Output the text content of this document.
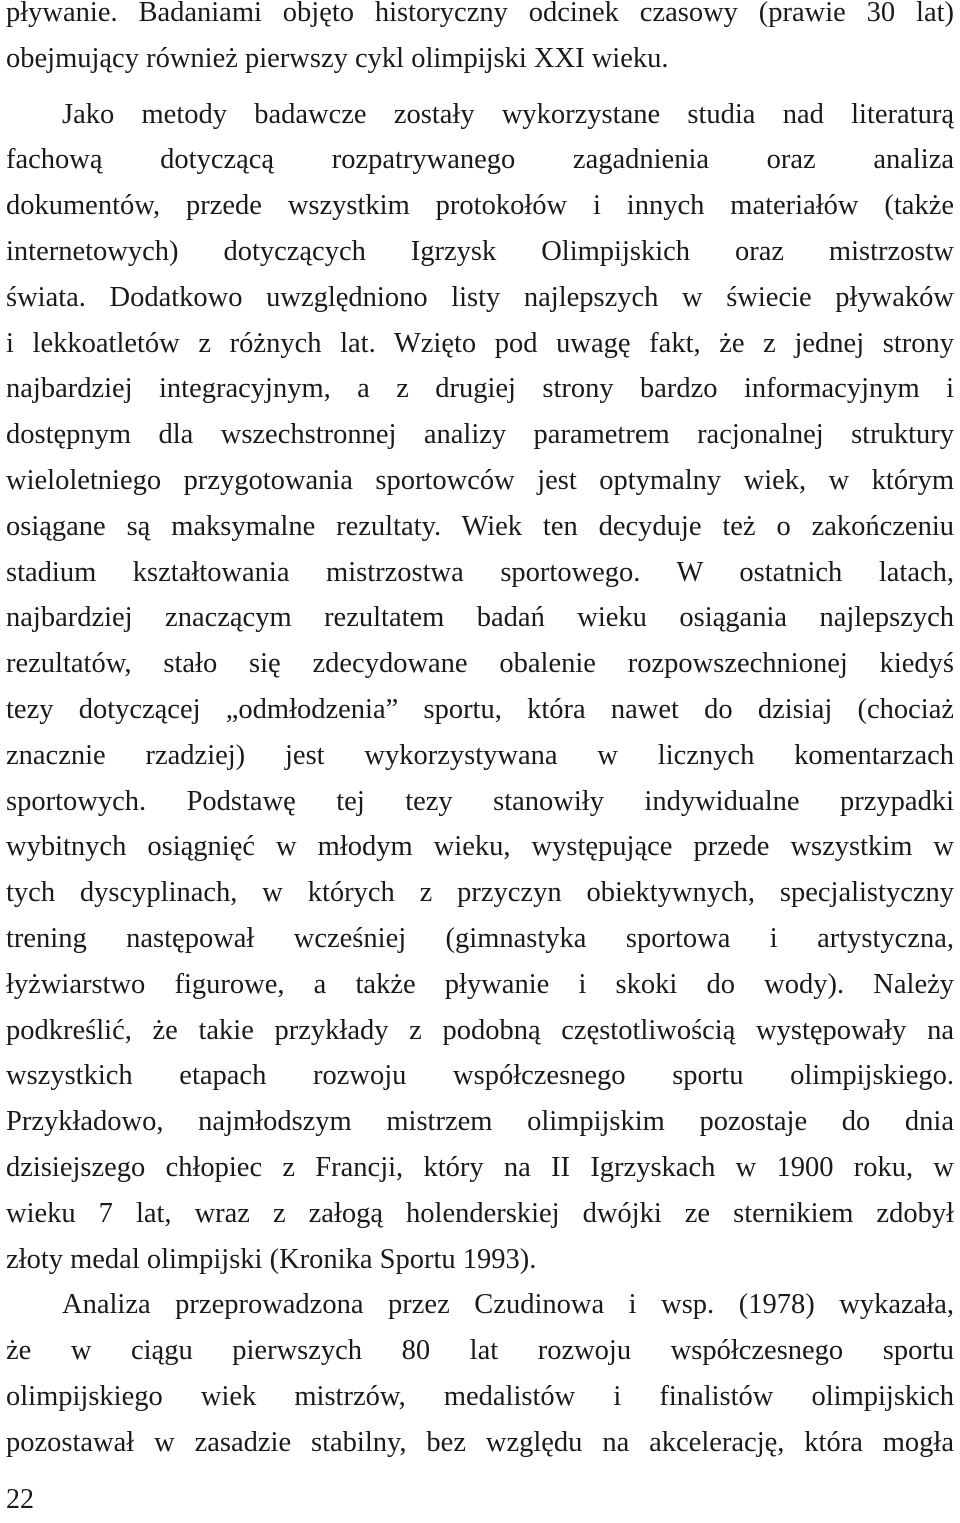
pływanie. Badaniami objęto historyczny odcinek czasowy (prawie 30 lat)
obejmujący również pierwszy cykl olimpijski XXI wieku.
Jako metody badawcze zostały wykorzystane studia nad literaturą
fachową dotyczącą rozpatrywanego zagadnienia oraz analiza
dokumentów, przede wszystkim protokołów i innych materiałów (także
internetowych) dotyczących Igrzysk Olimpijskich oraz mistrzostw
świata. Dodatkowo uwzględniono listy najlepszych w świecie pływaków
i lekkoatletów z różnych lat. Wzięto pod uwagę fakt, że z jednej strony
najbardziej integracyjnym, a z drugiej strony bardzo informacyjnym i
dostępnym dla wszechstronnej analizy parametrem racjonalnej struktury
wieloletniego przygotowania sportowców jest optymalny wiek, w którym
osiągane są maksymalne rezultaty. Wiek ten decyduje też o zakończeniu
stadium kształtowania mistrzostwa sportowego. W ostatnich latach,
najbardziej znaczącym rezultatem badań wieku osiągania najlepszych
rezultatów, stało się zdecydowane obalenie rozpowszechnionej kiedyś
tezy dotyczącej „odmłodzenia” sportu, która nawet do dzisiaj (chociaż
znacznie rzadziej) jest wykorzystywana w licznych komentarzach
sportowych. Podstawę tej tezy stanowiły indywidualne przypadki
wybitnych osiągnięć w młodym wieku, występujące przede wszystkim w
tych dyscyplinach, w których z przyczyn obiektywnych, specjalistyczny
trening następował wcześniej (gimnastyka sportowa i artystyczna,
łyżwiarstwo figurowe, a także pływanie i skoki do wody). Należy
podkreślić, że takie przykłady z podobną częstotliwością występowały na
wszystkich etapach rozwoju współczesnego sportu olimpijskiego.
Przykładowo, najmłodszym mistrzem olimpijskim pozostaje do dnia
dzisiejszego chłopiec z Francji, który na II Igrzyskach w 1900 roku, w
wieku 7 lat, wraz z załogą holenderskiej dwójki ze sternikiem zdobył
złoty medal olimpijski (Kronika Sportu 1993).
Analiza przeprowadzona przez Czudinowa i wsp. (1978) wykazała,
że w ciągu pierwszych 80 lat rozwoju współczesnego sportu
olimpijskiego wiek mistrzów, medalistów i finalistów olimpijskich
pozostawał w zasadzie stabilny, bez względu na akcelerację, która mogła
22
